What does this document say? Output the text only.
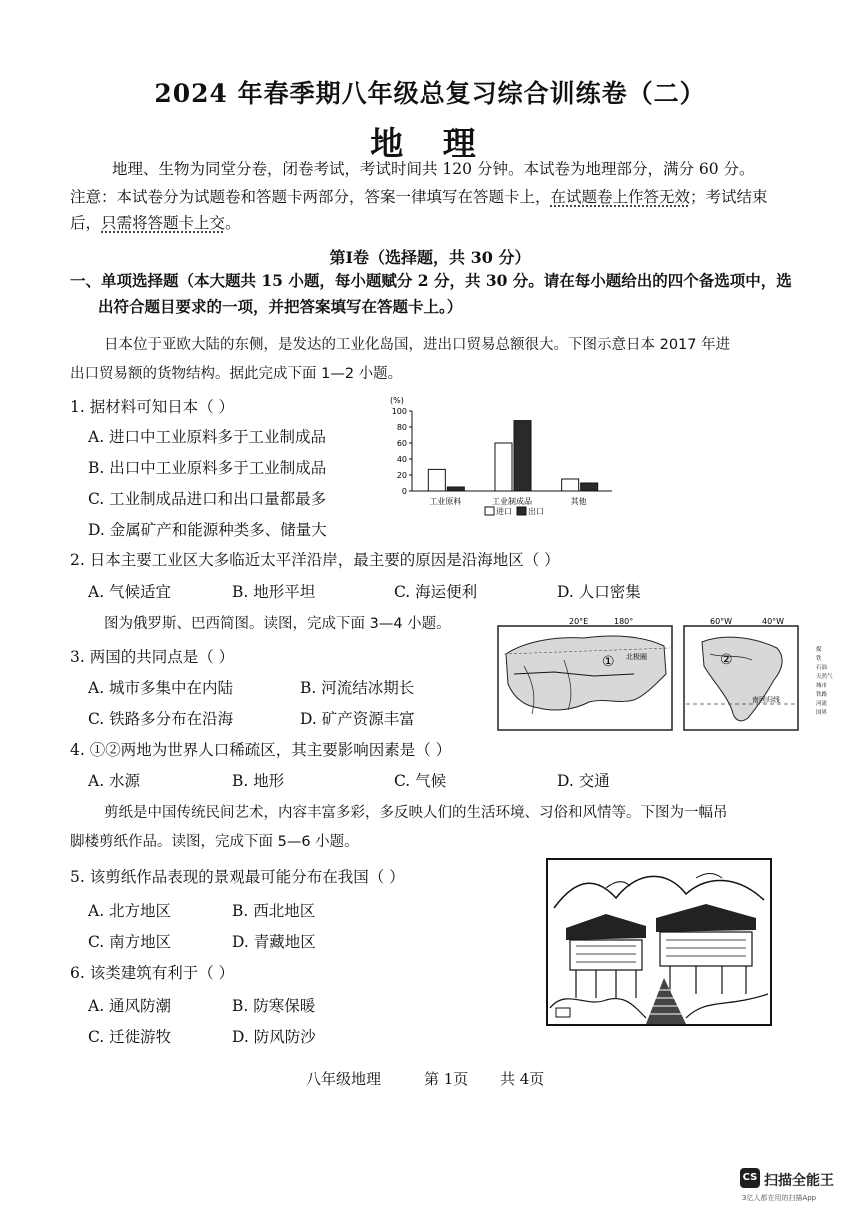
2024 年春季期八年级总复习综合训练卷（二）
地 理
地理、生物为同堂分卷，闭卷考试，考试时间共 120 分钟。本试卷为地理部分，满分 60 分。
注意：本试卷分为试题卷和答题卡两部分，答案一律填写在答题卡上，在试题卷上作答无效；考试结束
后，只需将答题卡上交。
第Ⅰ卷（选择题，共 30 分）
一、单项选择题（本大题共 15 小题，每小题赋分 2 分，共 30 分。请在每小题给出的四个备选项中，选
出符合题目要求的一项，并把答案填写在答题卡上。）
日本位于亚欧大陆的东侧，是发达的工业化岛国，进出口贸易总额很大。下图示意日本 2017 年进
出口贸易额的货物结构。据此完成下面 1—2 小题。
1. 据材料可知日本（ ）
A. 进口中工业原料多于工业制成品
B. 出口中工业原料多于工业制成品
C. 工业制成品进口和出口量都最多
D. 金属矿产和能源种类多、储量大
(%)
0
20
40
60
80
100
工业原料	工业制成品	其他
进口 出口
2. 日本主要工业区大多临近太平洋沿岸，最主要的原因是沿海地区（ ）
A. 气候适宜	B. 地形平坦	C. 海运便利	D. 人口密集
图为俄罗斯、巴西简图。读图，完成下面 3—4 小题。	20°E	180°
① 北极圈
60°W	40°W
②
南回归线
煤
铁
石油
天然气
城市
铁路
河流
国界
3. 两国的共同点是（ ）
A. 城市多集中在内陆	B. 河流结冰期长
C. 铁路多分布在沿海	D. 矿产资源丰富
4. ①②两地为世界人口稀疏区，其主要影响因素是（ ）
A. 水源	B. 地形	C. 气候	D. 交通
剪纸是中国传统民间艺术，内容丰富多彩，多反映人们的生活环境、习俗和风情等。下图为一幅吊
脚楼剪纸作品。读图，完成下面 5—6 小题。
5. 该剪纸作品表现的景观最可能分布在我国（ ）
A. 北方地区	B. 西北地区
C. 南方地区	D. 青藏地区
6. 该类建筑有利于（ ）
A. 通风防潮	B. 防寒保暖
C. 迁徙游牧	D. 防风防沙
八年级地理	第 1页 共 4页
CS 扫描全能王
3亿人都在用的扫描App
